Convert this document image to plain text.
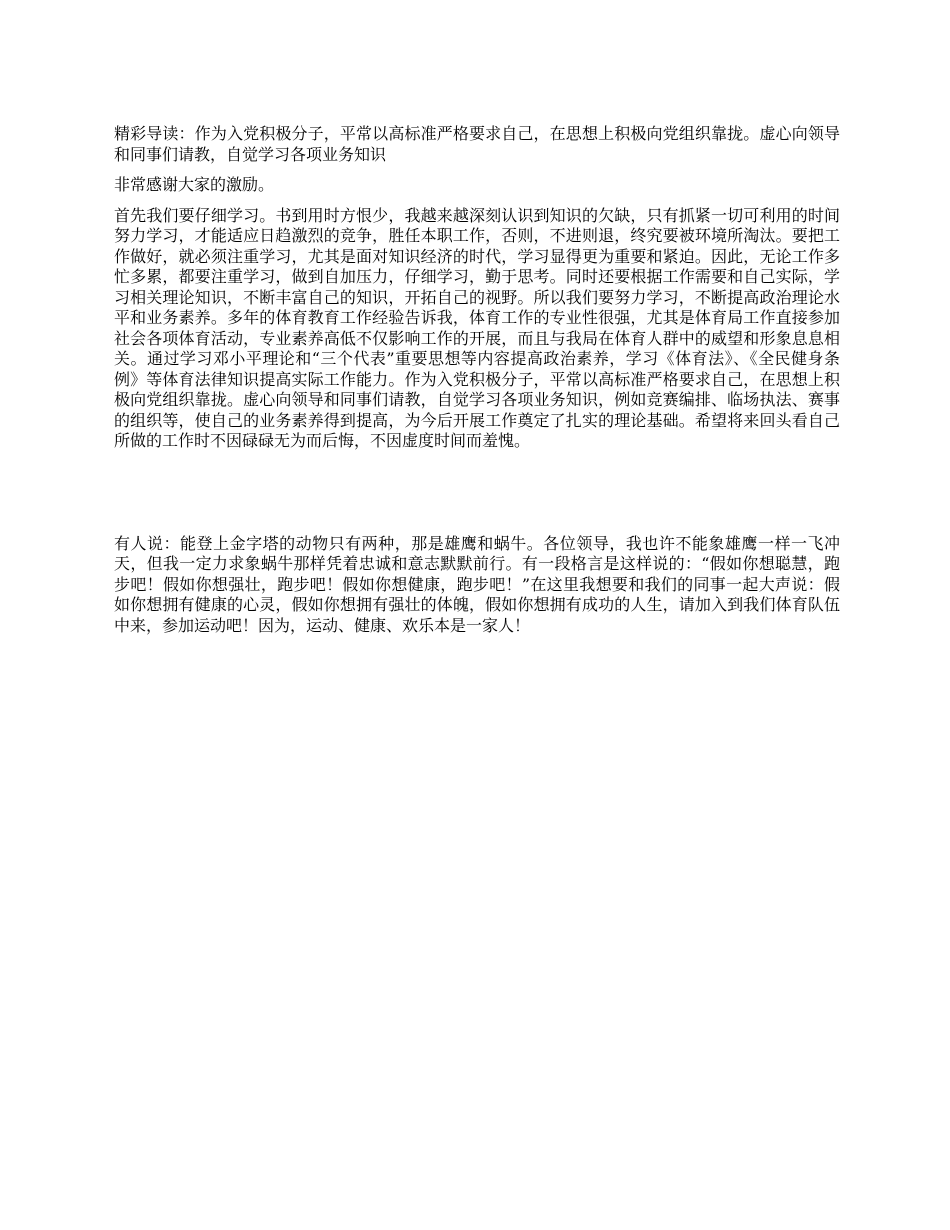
精彩导读：作为入党积极分子，平常以高标准严格要求自己，在思想上积极向党组织靠拢。虚心向领导和同事们请教，自觉学习各项业务知识

非常感谢大家的激励。

首先我们要仔细学习。书到用时方恨少，我越来越深刻认识到知识的欠缺，只有抓紧一切可利用的时间努力学习，才能适应日趋激烈的竞争，胜任本职工作，否则，不进则退，终究要被环境所淘汰。要把工作做好，就必须注重学习，尤其是面对知识经济的时代，学习显得更为重要和紧迫。因此，无论工作多忙多累，都要注重学习，做到自加压力，仔细学习，勤于思考。同时还要根据工作需要和自己实际，学习相关理论知识，不断丰富自己的知识，开拓自己的视野。所以我们要努力学习，不断提高政治理论水平和业务素养。多年的体育教育工作经验告诉我，体育工作的专业性很强，尤其是体育局工作直接参加社会各项体育活动，专业素养高低不仅影响工作的开展，而且与我局在体育人群中的威望和形象息息相关。通过学习邓小平理论和“三个代表”重要思想等内容提高政治素养，学习《体育法》、《全民健身条例》等体育法律知识提高实际工作能力。作为入党积极分子，平常以高标准严格要求自己，在思想上积极向党组织靠拢。虚心向领导和同事们请教，自觉学习各项业务知识，例如竞赛编排、临场执法、赛事的组织等，使自己的业务素养得到提高，为今后开展工作奠定了扎实的理论基础。希望将来回头看自己所做的工作时不因碌碌无为而后悔，不因虚度时间而羞愧。

有人说：能登上金字塔的动物只有两种，那是雄鹰和蜗牛。各位领导，我也许不能象雄鹰一样一飞冲天，但我一定力求象蜗牛那样凭着忠诚和意志默默前行。有一段格言是这样说的：“假如你想聪慧，跑步吧！假如你想强壮，跑步吧！假如你想健康，跑步吧！”在这里我想要和我们的同事一起大声说：假如你想拥有健康的心灵，假如你想拥有强壮的体魄，假如你想拥有成功的人生，请加入到我们体育队伍中来，参加运动吧！因为，运动、健康、欢乐本是一家人！
